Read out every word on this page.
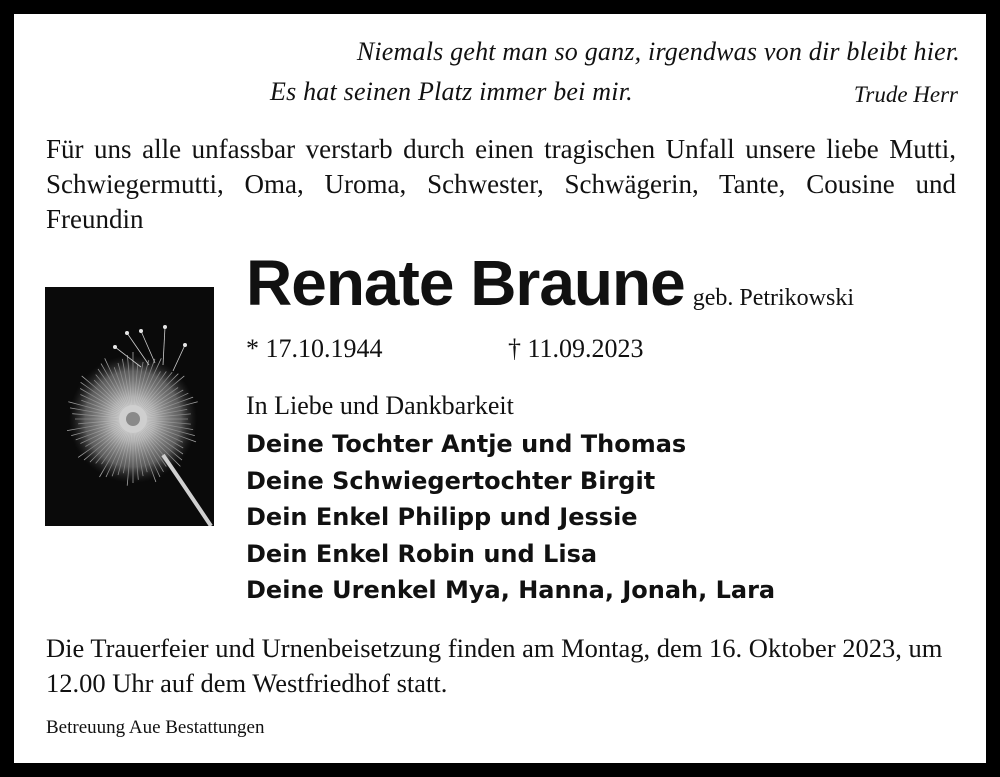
Niemals geht man so ganz, irgendwas von dir bleibt hier.
Es hat seinen Platz immer bei mir.	Trude Herr
Für uns alle unfassbar verstarb durch einen tragischen Unfall unsere liebe Mutti, Schwiegermutti, Oma, Uroma, Schwester, Schwägerin, Tante, Cousine und Freundin
Renate Braune geb. Petrikowski
* 17.10.1944	† 11.09.2023
In Liebe und Dankbarkeit
Deine Tochter Antje und Thomas
Deine Schwiegertochter Birgit
Dein Enkel Philipp und Jessie
Dein Enkel Robin und Lisa
Deine Urenkel Mya, Hanna, Jonah, Lara
Die Trauerfeier und Urnenbeisetzung finden am Montag, dem 16. Oktober 2023, um 12.00 Uhr auf dem Westfriedhof statt.
Betreuung Aue Bestattungen
